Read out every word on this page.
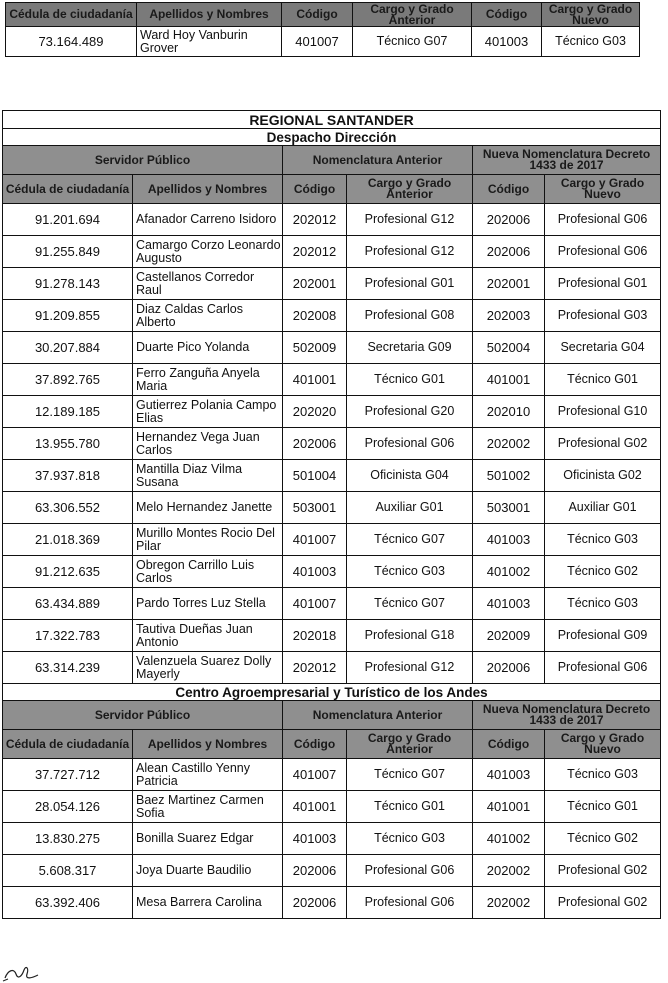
Cédula de ciudadanía	Apellidos y Nombres	Código	Cargo y Grado Anterior	Código	Cargo y Grado Nuevo
73.164.489	Ward Hoy Vanburin Grover	401007	Técnico G07	401003	Técnico G03
REGIONAL SANTANDER					
Despacho Dirección					
Servidor Público		Nomenclatura Anterior		Nueva Nomenclatura Decreto 1433 de 2017	
Cédula de ciudadanía	Apellidos y Nombres	Código	Cargo y Grado Anterior	Código	Cargo y Grado Nuevo
91.201.694	Afanador Carreno Isidoro	202012	Profesional G12	202006	Profesional G06
91.255.849	Camargo Corzo Leonardo Augusto	202012	Profesional G12	202006	Profesional G06
91.278.143	Castellanos Corredor Raul	202001	Profesional G01	202001	Profesional G01
91.209.855	Diaz Caldas Carlos Alberto	202008	Profesional G08	202003	Profesional G03
30.207.884	Duarte Pico Yolanda	502009	Secretaria G09	502004	Secretaria G04
37.892.765	Ferro Zanguña Anyela Maria	401001	Técnico G01	401001	Técnico G01
12.189.185	Gutierrez Polania Campo Elias	202020	Profesional G20	202010	Profesional G10
13.955.780	Hernandez Vega Juan Carlos	202006	Profesional G06	202002	Profesional G02
37.937.818	Mantilla Diaz Vilma Susana	501004	Oficinista G04	501002	Oficinista G02
63.306.552	Melo Hernandez Janette	503001	Auxiliar G01	503001	Auxiliar G01
21.018.369	Murillo Montes Rocio Del Pilar	401007	Técnico G07	401003	Técnico G03
91.212.635	Obregon Carrillo Luis Carlos	401003	Técnico G03	401002	Técnico G02
63.434.889	Pardo Torres Luz Stella	401007	Técnico G07	401003	Técnico G03
17.322.783	Tautiva Dueñas Juan Antonio	202018	Profesional G18	202009	Profesional G09
63.314.239	Valenzuela Suarez Dolly Mayerly	202012	Profesional G12	202006	Profesional G06
Centro Agroempresarial y Turístico de los Andes					
Servidor Público		Nomenclatura Anterior		Nueva Nomenclatura Decreto 1433 de 2017	
Cédula de ciudadanía	Apellidos y Nombres	Código	Cargo y Grado Anterior	Código	Cargo y Grado Nuevo
37.727.712	Alean Castillo Yenny Patricia	401007	Técnico G07	401003	Técnico G03
28.054.126	Baez Martinez Carmen Sofia	401001	Técnico G01	401001	Técnico G01
13.830.275	Bonilla Suarez Edgar	401003	Técnico G03	401002	Técnico G02
5.608.317	Joya Duarte Baudilio	202006	Profesional G06	202002	Profesional G02
63.392.406	Mesa Barrera Carolina	202006	Profesional G06	202002	Profesional G02
